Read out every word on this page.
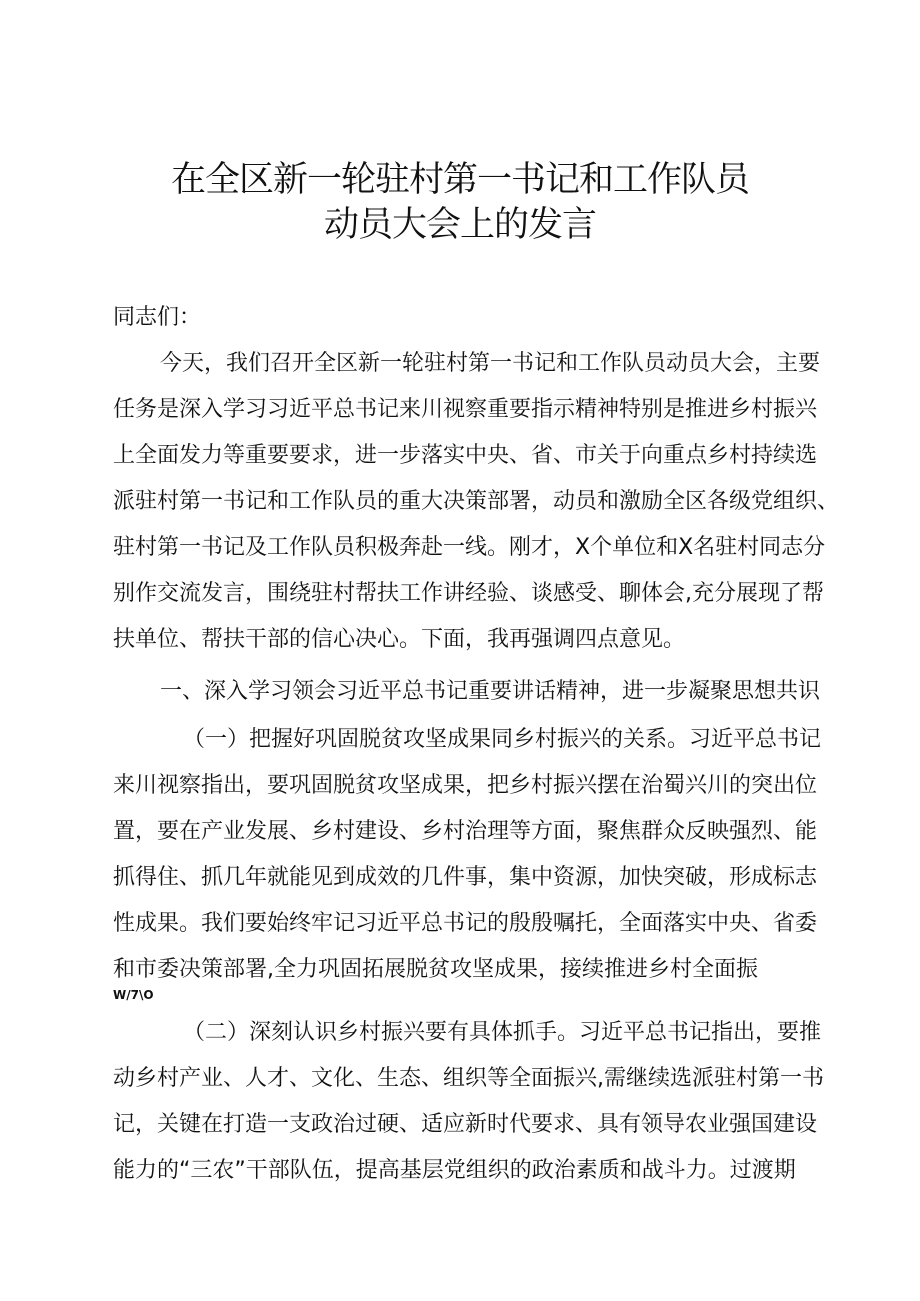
在全区新一轮驻村第一书记和工作队员
动员大会上的发言
同志们：
今天，我们召开全区新一轮驻村第一书记和工作队员动员大会，主要
任务是深入学习习近平总书记来川视察重要指示精神特别是推进乡村振兴
上全面发力等重要要求，进一步落实中央、省、市关于向重点乡村持续选
派驻村第一书记和工作队员的重大决策部署，动员和激励全区各级党组织、
驻村第一书记及工作队员积极奔赴一线。刚才，X个单位和X名驻村同志分
别作交流发言，围绕驻村帮扶工作讲经验、谈感受、聊体会,充分展现了帮
扶单位、帮扶干部的信心决心。下面，我再强调四点意见。
一、深入学习领会习近平总书记重要讲话精神，进一步凝聚思想共识
（一）把握好巩固脱贫攻坚成果同乡村振兴的关系。习近平总书记
来川视察指出，要巩固脱贫攻坚成果，把乡村振兴摆在治蜀兴川的突出位
置，要在产业发展、乡村建设、乡村治理等方面，聚焦群众反映强烈、能
抓得住、抓几年就能见到成效的几件事，集中资源，加快突破，形成标志
性成果。我们要始终牢记习近平总书记的殷殷嘱托，全面落实中央、省委
和市委决策部署,全力巩固拓展脱贫攻坚成果，接续推进乡村全面振
W/7\O
（二）深刻认识乡村振兴要有具体抓手。习近平总书记指出，要推
动乡村产业、人才、文化、生态、组织等全面振兴,需继续选派驻村第一书
记，关键在打造一支政治过硬、适应新时代要求、具有领导农业强国建设
能力的“三农”干部队伍，提高基层党组织的政治素质和战斗力。过渡期
